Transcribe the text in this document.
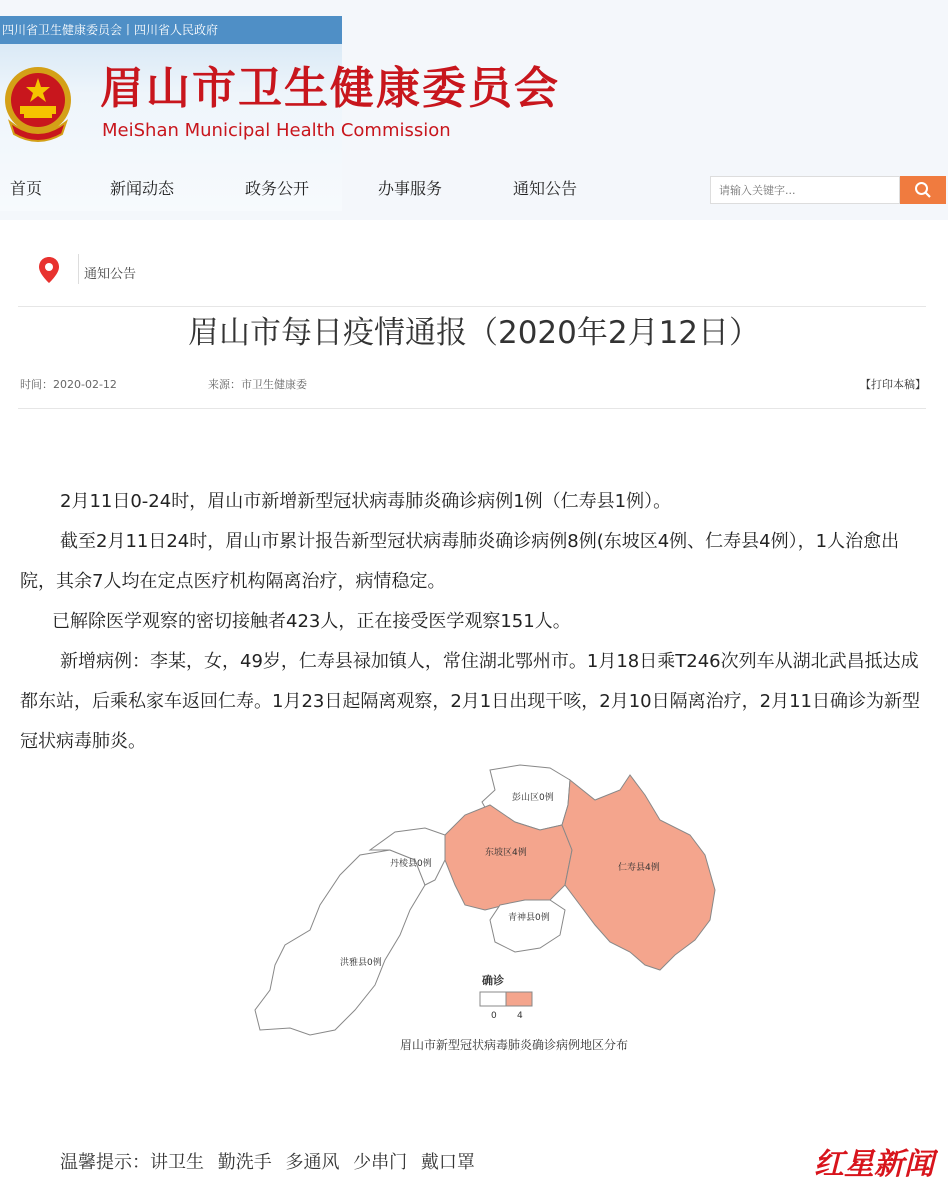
四川省卫生健康委员会丨四川省人民政府
眉山市卫生健康委员会
MeiShan Municipal Health Commission
首页	新闻动态	政务公开	办事服务	通知公告
请输入关键字...
通知公告
眉山市每日疫情通报（2020年2月12日）
时间：2020-02-12	来源：市卫生健康委	【打印本稿】
2月11日0-24时，眉山市新增新型冠状病毒肺炎确诊病例1例（仁寿县1例）。
截至2月11日24时，眉山市累计报告新型冠状病毒肺炎确诊病例8例(东坡区4例、仁寿县4例），1人治愈出院，其余7人均在定点医疗机构隔离治疗，病情稳定。
已解除医学观察的密切接触者423人，正在接受医学观察151人。
新增病例：李某，女，49岁，仁寿县禄加镇人，常住湖北鄂州市。1月18日乘T246次列车从湖北武昌抵达成都东站，后乘私家车返回仁寿。1月23日起隔离观察，2月1日出现干咳，2月10日隔离治疗，2月11日确诊为新型冠状病毒肺炎。
彭山区0例
东坡区4例
仁寿县4例
丹棱县0例
青神县0例
洪雅县0例
确诊
0 4
眉山市新型冠状病毒肺炎确诊病例地区分布
温馨提示：讲卫生 勤洗手 多通风 少串门 戴口罩	红星新闻
